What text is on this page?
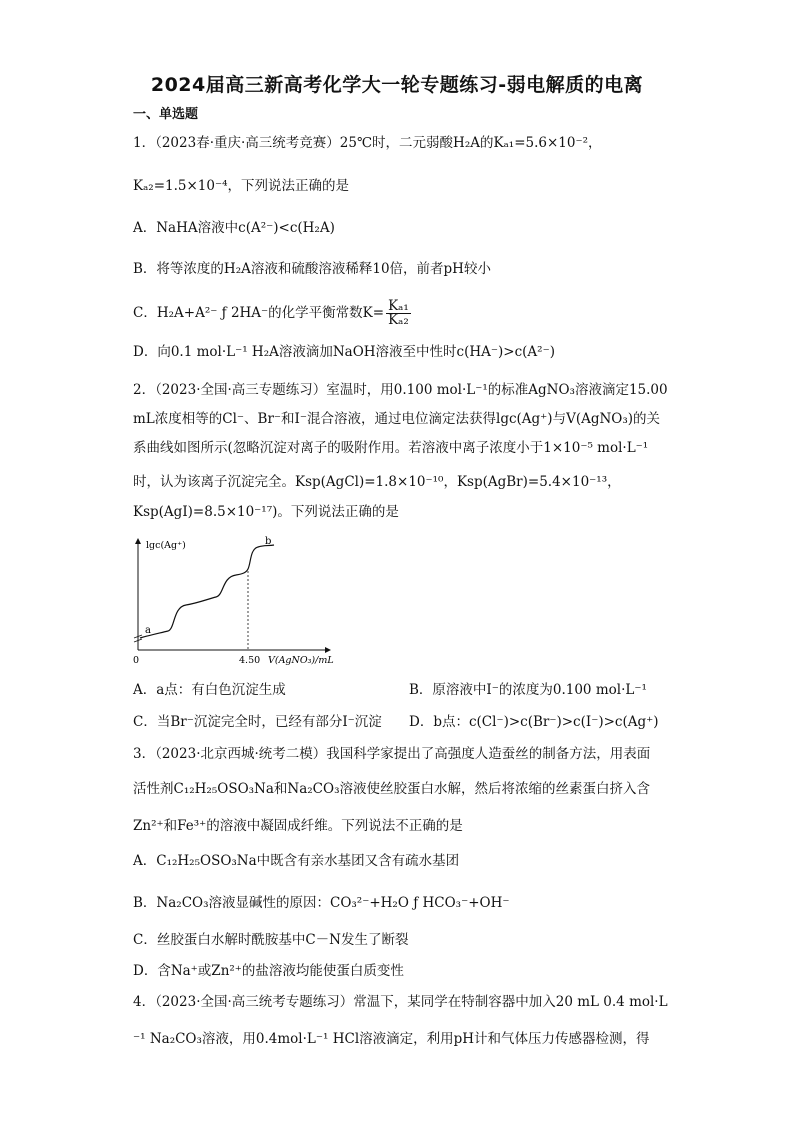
2024届高三新高考化学大一轮专题练习-弱电解质的电离
一、单选题
1．（2023春·重庆·高三统考竞赛）25℃时，二元弱酸H₂A的Kₐ₁=5.6×10⁻²，
Kₐ₂=1.5×10⁻⁴，下列说法正确的是
A．NaHA溶液中c(A²⁻)<c(H₂A)
B．将等浓度的H₂A溶液和硫酸溶液稀释10倍，前者pH较小
C．H₂A+A²⁻ ƒ 2HA⁻的化学平衡常数$K= \frac{\text{Kₐ₁}}{\text{Kₐ₂}}$
D．向0.1 mol·L⁻¹ H₂A溶液滴加NaOH溶液至中性时c(HA⁻)>c(A²⁻)
2．（2023·全国·高三专题练习）室温时，用0.100 mol·L⁻¹的标准AgNO₃溶液滴定15.00
mL浓度相等的Cl⁻、Br⁻和I⁻混合溶液，通过电位滴定法获得lgc(Ag⁺)与V(AgNO₃)的关
系曲线如图所示(忽略沉淀对离子的吸附作用。若溶液中离子浓度小于1×10⁻⁵ mol·L⁻¹
时，认为该离子沉淀完全。Ksp(AgCl)=1.8×10⁻¹⁰，Ksp(AgBr)=5.4×10⁻¹³，
Ksp(AgI)=8.5×10⁻¹⁷)。下列说法正确的是
lgc(Ag⁺)
0	4.50 V(AgNO₃)/mL
a
b
A．a点：有白色沉淀生成	B．原溶液中I⁻的浓度为0.100 mol·L⁻¹
C．当Br⁻沉淀完全时，已经有部分I⁻沉淀 D．b点：c(Cl⁻)>c(Br⁻)>c(I⁻)>c(Ag⁺)
3．（2023·北京西城·统考二模）我国科学家提出了高强度人造蚕丝的制备方法，用表面
活性剂C₁₂H₂₅OSO₃Na和Na₂CO₃溶液使丝胶蛋白水解，然后将浓缩的丝素蛋白挤入含
Zn²⁺和Fe³⁺的溶液中凝固成纤维。下列说法不正确的是
A．C₁₂H₂₅OSO₃Na中既含有亲水基团又含有疏水基团
B．Na₂CO₃溶液显碱性的原因：CO₃²⁻+H₂O ƒ HCO₃⁻+OH⁻
C．丝胶蛋白水解时酰胺基中C－N发生了断裂
D．含Na⁺或Zn²⁺的盐溶液均能使蛋白质变性
4．（2023·全国·高三统考专题练习）常温下，某同学在特制容器中加入20 mL 0.4 mol·L
⁻¹ Na₂CO₃溶液，用0.4mol·L⁻¹ HCl溶液滴定，利用pH计和气体压力传感器检测，得
